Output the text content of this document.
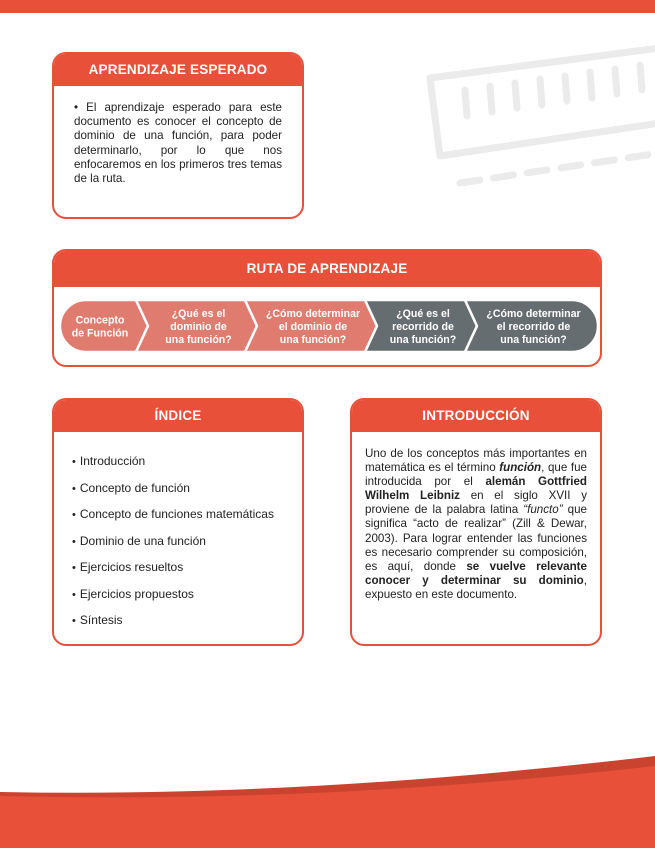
APRENDIZAJE ESPERADO
• El aprendizaje esperado para este documento es conocer el concepto de dominio de una función, para poder determinarlo, por lo que nos enfocaremos en los primeros tres temas de la ruta.
RUTA DE APRENDIZAJE
Concepto
de Función
¿Qué es el
dominio de
una función?
¿Cómo determinar
el dominio de
una función?
¿Qué es el
recorrido de
una función?
¿Cómo determinar
el recorrido de
una función?
ÍNDICE
• Introducción
• Concepto de función
• Concepto de funciones matemáticas
• Dominio de una función
• Ejercicios resueltos
• Ejercicios propuestos
• Síntesis
INTRODUCCIÓN
Uno de los conceptos más importantes en matemática es el término función, que fue introducida por el alemán Gottfried Wilhelm Leibniz en el siglo XVII y proviene de la palabra latina “functo” que significa “acto de realizar” (Zill & Dewar, 2003). Para lograr entender las funciones es necesario comprender su composición, es aquí, donde se vuelve relevante conocer y determinar su dominio, expuesto en este documento.
